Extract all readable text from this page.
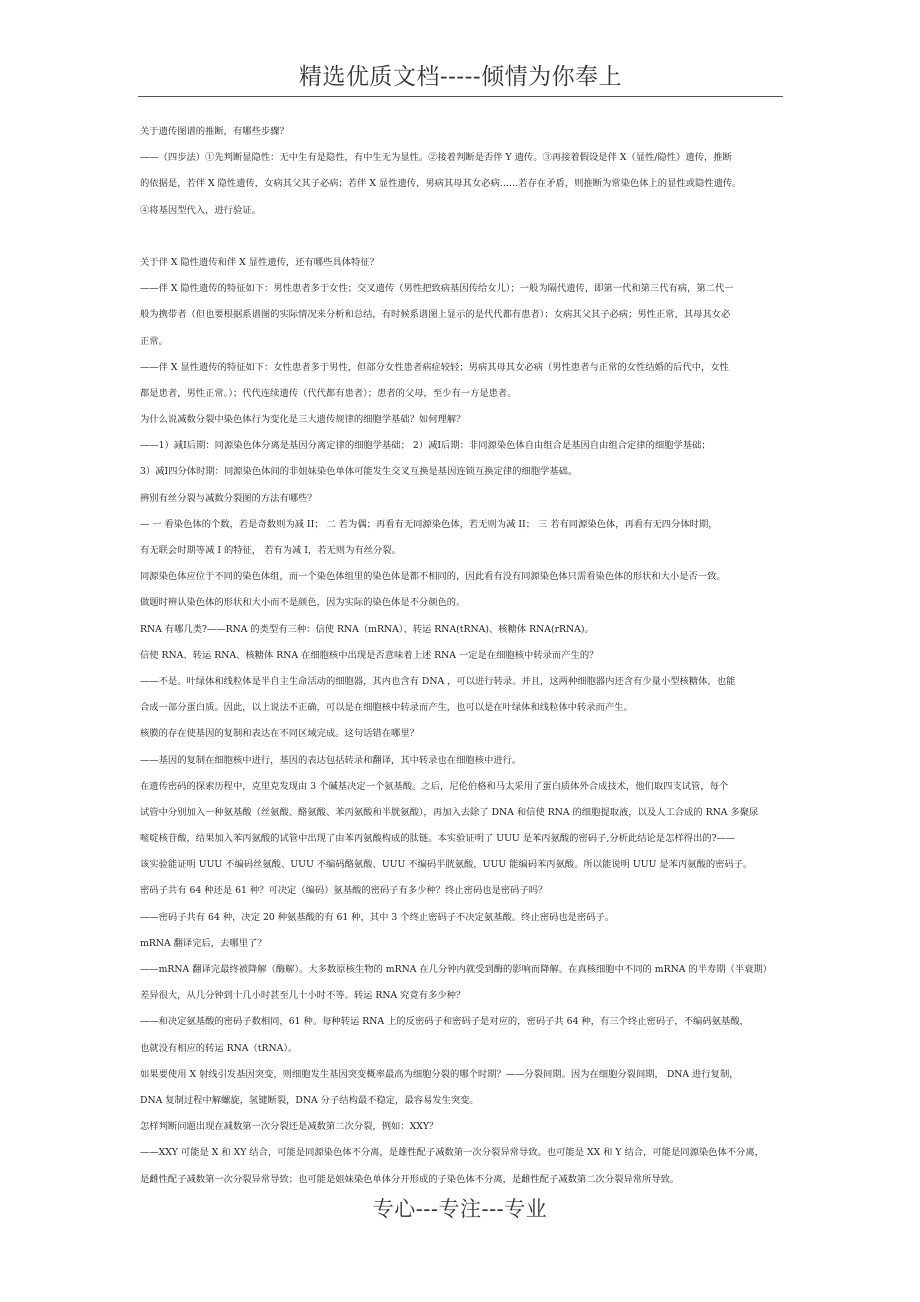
精选优质文档-----倾情为你奉上
关于遗传图谱的推断，有哪些步骤？
——（四步法）①先判断显隐性：无中生有是隐性，有中生无为显性。②接着判断是否伴 Y 遗传。③再接着假设是伴 X（显性/隐性）遗传，推断
的依据是，若伴 X 隐性遗传，女病其父其子必病；若伴 X 显性遗传，男病其母其女必病……若存在矛盾，则推断为常染色体上的显性或隐性遗传。
④将基因型代入，进行验证。
关于伴 X 隐性遗传和伴 X 显性遗传，还有哪些具体特征？
——伴 X 隐性遗传的特征如下：男性患者多于女性；交叉遗传（男性把致病基因传给女儿）；一般为隔代遗传，即第一代和第三代有病，第二代一
般为携带者（但也要根据系谱图的实际情况来分析和总结，有时候系谱图上显示的是代代都有患者）；女病其父其子必病；男性正常，其母其女必
正常。
——伴 X 显性遗传的特征如下：女性患者多于男性，但部分女性患者病症较轻；男病其母其女必病（男性患者与正常的女性结婚的后代中，女性
都是患者，男性正常。）；代代连续遗传（代代都有患者）；患者的父母，至少有一方是患者。
为什么说减数分裂中染色体行为变化是三大遗传规律的细胞学基础？如何理解？
——1）减Ⅰ后期：同源染色体分离是基因分离定律的细胞学基础； 2）减Ⅰ后期：非同源染色体自由组合是基因自由组合定律的细胞学基础；
3）减Ⅰ四分体时期：同源染色体间的非姐妹染色单体可能发生交叉互换是基因连锁互换定律的细胞学基础。
辨别有丝分裂与减数分裂图的方法有哪些？
— 一 看染色体的个数，若是奇数则为减 II； 二 若为偶；再看有无同源染色体，若无则为减 II； 三 若有同源染色体，再看有无四分体时期，
有无联会时期等减 I 的特征， 若有为减 I，若无则为有丝分裂。
同源染色体应位于不同的染色体组，而一个染色体组里的染色体是都不相同的，因此看有没有同源染色体只需看染色体的形状和大小是否一致。
做题时辨认染色体的形状和大小而不是颜色，因为实际的染色体是不分颜色的。
RNA 有哪几类?——RNA 的类型有三种：信使 RNA（mRNA）、转运 RNA(tRNA)、核糖体 RNA(rRNA)。
信使 RNA、转运 RNA、核糖体 RNA 在细胞核中出现是否意味着上述 RNA 一定是在细胞核中转录而产生的？
——不是。叶绿体和线粒体是半自主生命活动的细胞器，其内也含有 DNA ，可以进行转录。并且，这两种细胞器内还含有少量小型核糖体，也能
合成一部分蛋白质。因此，以上说法不正确，可以是在细胞核中转录而产生，也可以是在叶绿体和线粒体中转录而产生。
核膜的存在使基因的复制和表达在不同区域完成。这句话错在哪里？
——基因的复制在细胞核中进行，基因的表达包括转录和翻译，其中转录也在细胞核中进行。
在遗传密码的探索历程中，克里克发现由 3 个碱基决定一个氨基酸。之后，尼伦伯格和马太采用了蛋白质体外合成技术，他们取四支试管，每个
试管中分别加入一种氨基酸（丝氨酸、酪氨酸、苯丙氨酸和半胱氨酸），再加入去除了 DNA 和信使 RNA 的细胞提取液，以及人工合成的 RNA 多聚尿
嘧啶核苷酸，结果加入苯丙氨酸的试管中出现了由苯丙氨酸构成的肽链。本实验证明了 UUU 是苯丙氨酸的密码子,分析此结论是怎样得出的?——
该实验能证明 UUU 不编码丝氨酸、UUU 不编码酪氨酸、UUU 不编码半胱氨酸，UUU 能编码苯丙氨酸。所以能说明 UUU 是苯丙氨酸的密码子。
密码子共有 64 种还是 61 种？可决定（编码）氨基酸的密码子有多少种？终止密码也是密码子吗？
——密码子共有 64 种，决定 20 种氨基酸的有 61 种，其中 3 个终止密码子不决定氨基酸。终止密码也是密码子。
mRNA 翻译完后，去哪里了？
——mRNA 翻译完最终被降解（酶解）。大多数原核生物的 mRNA 在几分钟内就受到酶的影响而降解。在真核细胞中不同的 mRNA 的半寿期（半衰期）
差异很大，从几分钟到十几小时甚至几十小时不等。转运 RNA 究竟有多少种？
——和决定氨基酸的密码子数相同，61 种。每种转运 RNA 上的反密码子和密码子是对应的，密码子共 64 种，有三个终止密码子，不编码氨基酸，
也就没有相应的转运 RNA（tRNA）。
如果要使用 X 射线引发基因突变，则细胞发生基因突变概率最高为细胞分裂的哪个时期？——分裂间期。因为在细胞分裂间期， DNA 进行复制，
DNA 复制过程中解螺旋，氢键断裂，DNA 分子结构最不稳定，最容易发生突变。
怎样判断问题出现在减数第一次分裂还是减数第二次分裂，例如：XXY？
——XXY 可能是 X 和 XY 结合，可能是同源染色体不分离，是雄性配子减数第一次分裂异常导致。也可能是 XX 和 Y 结合，可能是同源染色体不分离，
是雌性配子减数第一次分裂异常导致；也可能是姐妹染色单体分开形成的子染色体不分离，是雌性配子减数第二次分裂异常所导致。
专心---专注---专业
